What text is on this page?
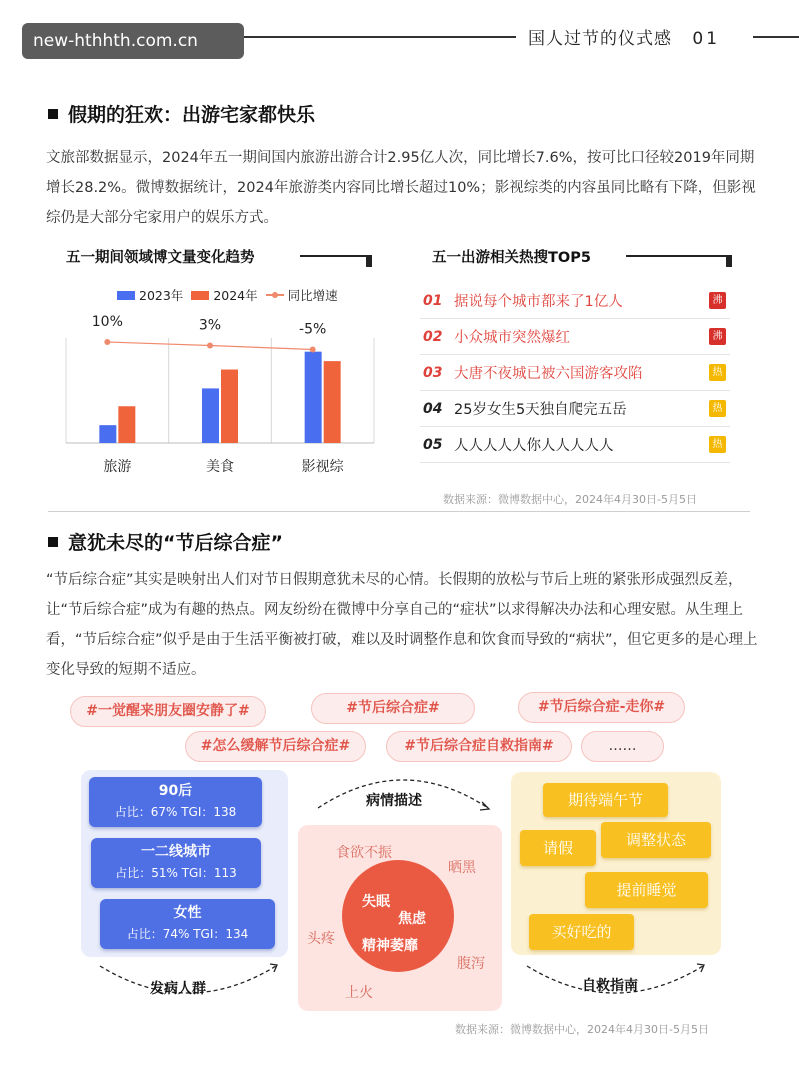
new-hthhth.com.cn	国人过节的仪式感 01
假期的狂欢：出游宅家都快乐
文旅部数据显示，2024年五一期间国内旅游出游合计2.95亿人次，同比增长7.6%，按可比口径较2019年同期增长28.2%。微博数据统计，2024年旅游类内容同比增长超过10%；影视综类的内容虽同比略有下降，但影视综仍是大部分宅家用户的娱乐方式。
五一期间领域博文量变化趋势
2023年 2024年 同比增速
旅游	美食	影视综
10%	3%	-5%
五一出游相关热搜TOP5
01 据说每个城市都来了1亿人	沸
02 小众城市突然爆红	沸
03 大唐不夜城已被六国游客攻陷	热
04 25岁女生5天独自爬完五岳	热
05 人人人人人你人人人人人	热
数据来源：微博数据中心，2024年4月30日-5月5日
意犹未尽的“节后综合症”
“节后综合症”其实是映射出人们对节日假期意犹未尽的心情。长假期的放松与节后上班的紧张形成强烈反差，让“节后综合症”成为有趣的热点。网友纷纷在微博中分享自己的“症状”以求得解决办法和心理安慰。从生理上看，“节后综合症”似乎是由于生活平衡被打破，难以及时调整作息和饮食而导致的“病状”，但它更多的是心理上变化导致的短期不适应。
#一觉醒来朋友圈安静了#	#节后综合症#	#节后综合症-走你#
#怎么缓解节后综合症#	#节后综合症自救指南#	……
90后
占比：67% TGI：138
一二线城市
占比：51% TGI：113
女性
占比：74% TGI：134
发病人群
病情描述
食欲不振
晒黑
头疼
腹泻
上火
失眠
焦虑
精神萎靡
期待端午节
请假	调整状态
提前睡觉
买好吃的
自救指南
数据来源：微博数据中心，2024年4月30日-5月5日
